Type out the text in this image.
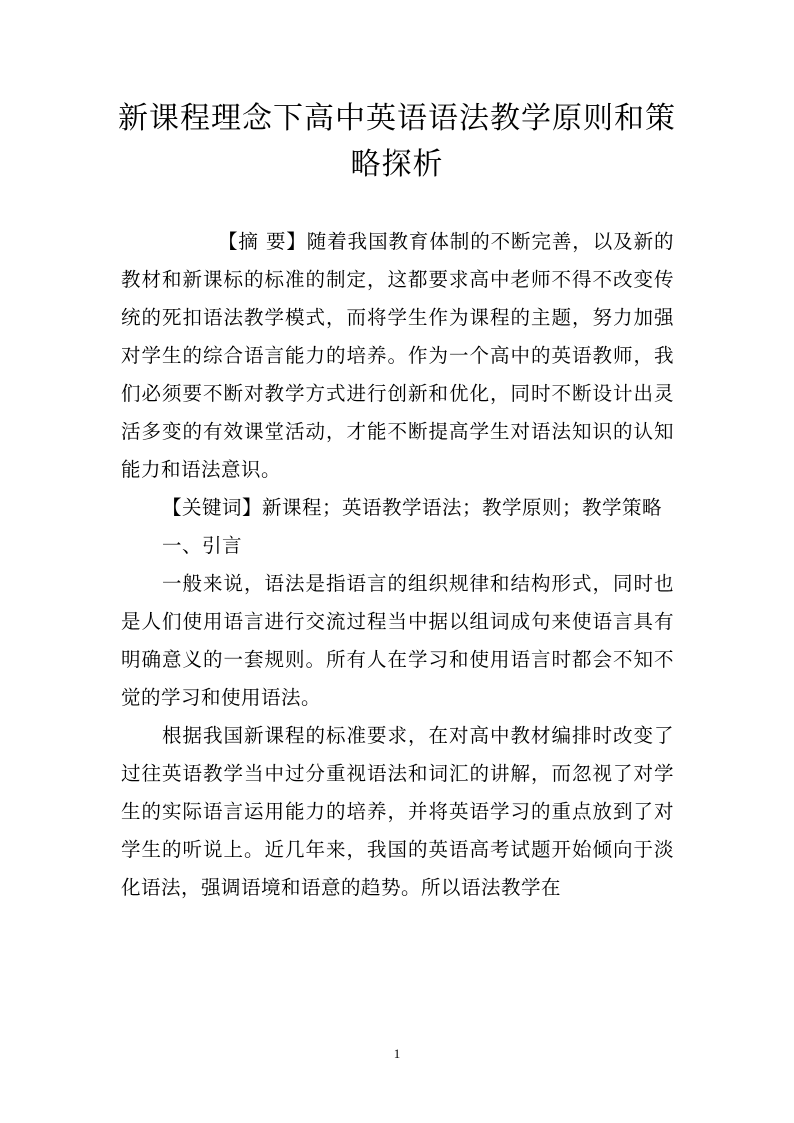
新课程理念下高中英语语法教学原则和策略探析

【摘 要】随着我国教育体制的不断完善，以及新的教材和新课标的标准的制定，这都要求高中老师不得不改变传统的死扣语法教学模式，而将学生作为课程的主题，努力加强对学生的综合语言能力的培养。作为一个高中的英语教师，我们必须要不断对教学方式进行创新和优化，同时不断设计出灵活多变的有效课堂活动，才能不断提高学生对语法知识的认知能力和语法意识。

【关键词】新课程；英语教学语法；教学原则；教学策略

一、引言

一般来说，语法是指语言的组织规律和结构形式，同时也是人们使用语言进行交流过程当中据以组词成句来使语言具有明确意义的一套规则。所有人在学习和使用语言时都会不知不觉的学习和使用语法。

根据我国新课程的标准要求，在对高中教材编排时改变了过往英语教学当中过分重视语法和词汇的讲解，而忽视了对学生的实际语言运用能力的培养，并将英语学习的重点放到了对学生的听说上。近几年来，我国的英语高考试题开始倾向于淡化语法，强调语境和语意的趋势。所以语法教学在

1
